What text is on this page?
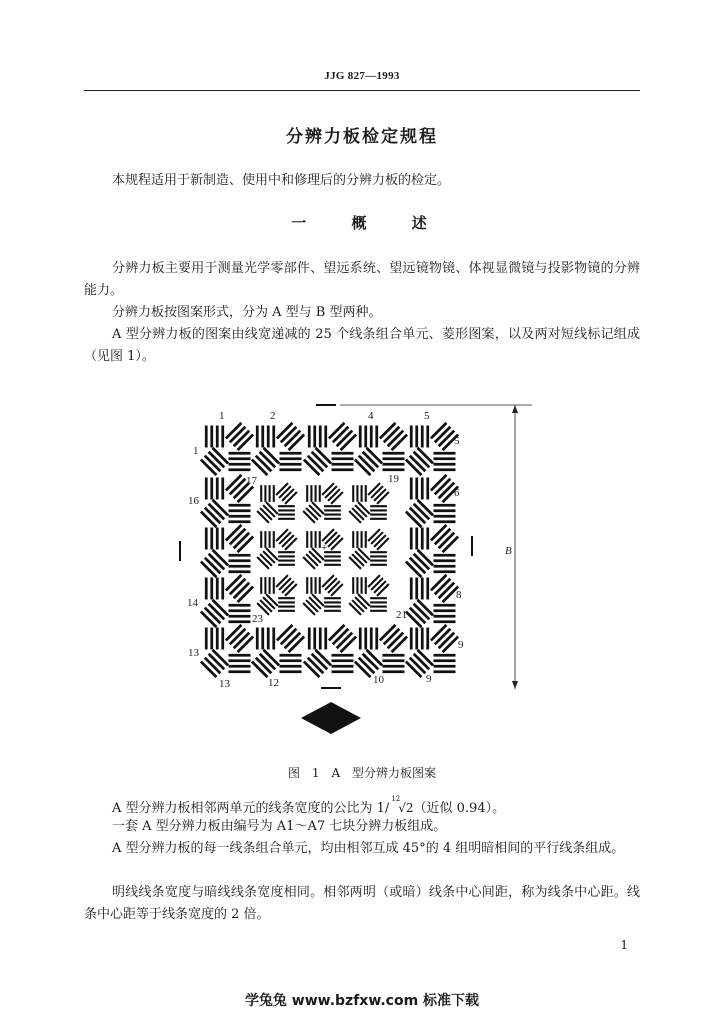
JJG 827—1993
分辨力板检定规程

本规程适用于新制造、使用中和修理后的分辨力板的检定。

一 概 述

分辨力板主要用于测量光学零部件、望远系统、望远镜物镜、体视显微镜与投影物镜的分辨能力。

分辨力板按图案形式，分为 A 型与 B 型两种。

A 型分辨力板的图案由线宽递减的 25 个线条组合单元、菱形图案，以及两对短线标记组成（见图 1）。

B
+
1	2	4	5
1
5
17	19
6
16
8
14
23	21
9
13
13	12	10	9
图 1　A 型分辨力板图案

A 型分辨力板相邻两单元的线条宽度的公比为 1/$^{12}$√2（近似 0.94）。

一套 A 型分辨力板由编号为 A1～A7 七块分辨力板组成。

A 型分辨力板的每一线条组合单元，均由相邻互成 45°的 4 组明暗相间的平行线条组成。

明线线条宽度与暗线线条宽度相同。相邻两明（或暗）线条中心间距，称为线条中心距。线条中心距等于线条宽度的 2 倍。

1
学兔兔 www.bzfxw.com 标准下载
